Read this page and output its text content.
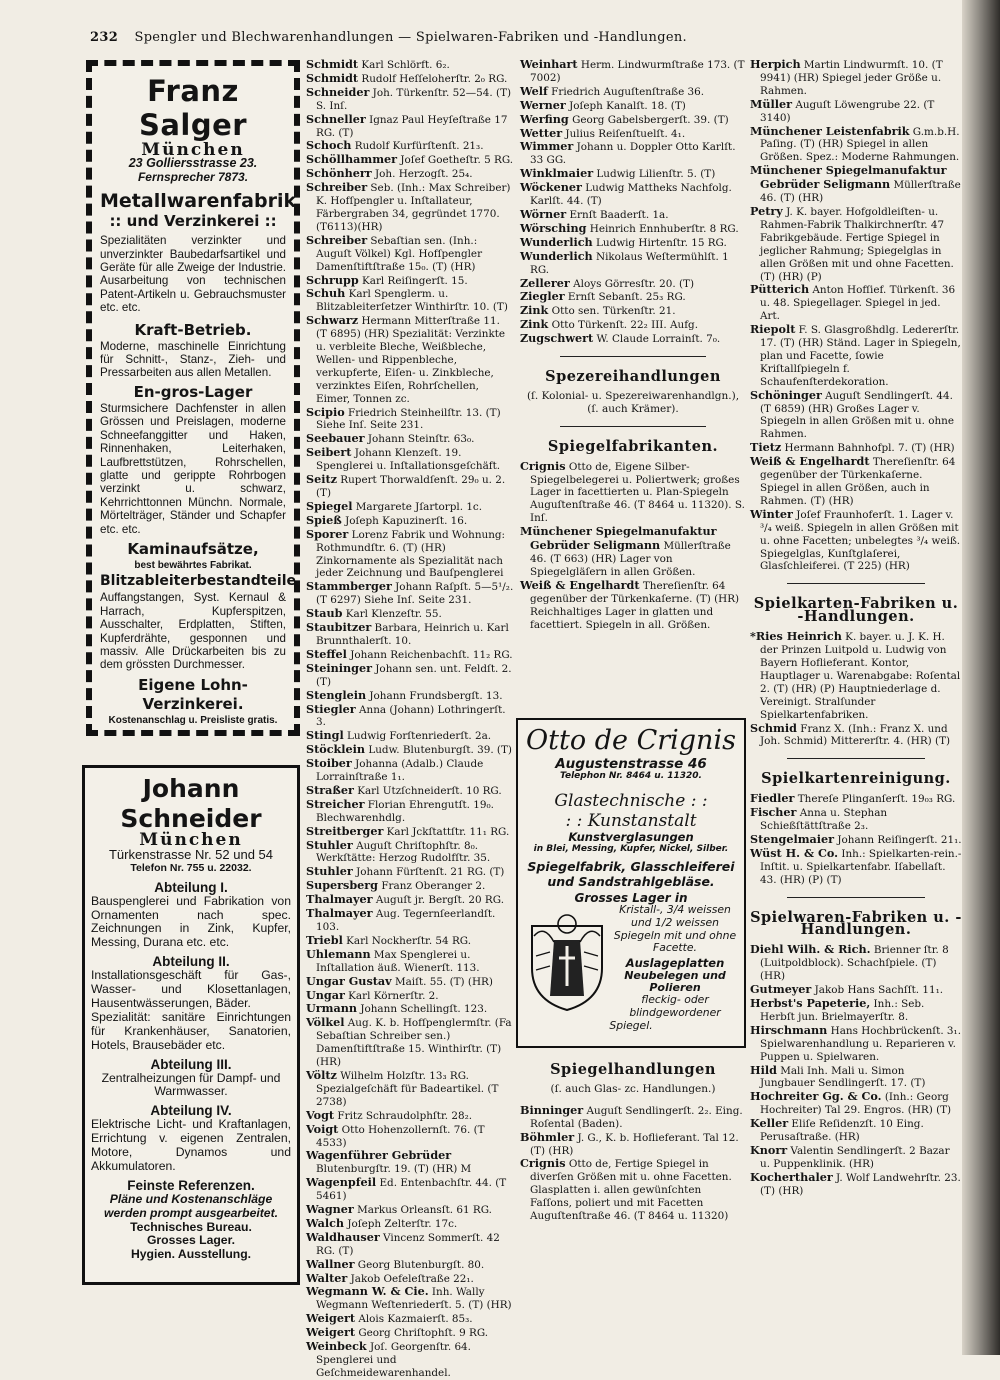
232 Spengler und Blechwarenhandlungen — Spielwaren-Fabriken und -Handlungen.
Franz Salger
München
23 Golliersstrasse 23.
Fernsprecher 7873.
Metallwarenfabrik
:: und Verzinkerei ::
Spezialitäten verzinkter und unverzinkter Baubedarfsartikel und Geräte für alle Zweige der Industrie. Ausarbeitung von technischen Patent-Artikeln u. Gebrauchsmuster etc. etc.
Kraft-Betrieb.
Moderne, maschinelle Einrichtung für Schnitt-, Stanz-, Zieh- und Pressarbeiten aus allen Metallen.
En-gros-Lager
Sturmsichere Dachfenster in allen Grössen und Preislagen, moderne Schneefanggitter und Haken, Rinnenhaken, Leiterhaken, Laufbrettstützen, Rohrschellen, glatte und gerippte Rohrbogen verzinkt u. schwarz, Kehrrichttonnen Münchn. Normale, Mörtelträger, Ständer und Schapfer etc. etc.
Kaminaufsätze,
best bewährtes Fabrikat.
Blitzableiterbestandteile.
Auffangstangen, Syst. Kernaul & Harrach, Kupferspitzen, Ausschalter, Erdplatten, Stiften, Kupferdrähte, gesponnen und massiv. Alle Drückarbeiten bis zu dem grössten Durchmesser.
Eigene Lohn-Verzinkerei.
Kostenanschlag u. Preisliste gratis.
Johann Schneider
München
Türkenstrasse Nr. 52 und 54
Telefon Nr. 755 u. 22032.
Abteilung I.
Bauspenglerei und Fabrikation von Ornamenten nach spec. Zeichnungen in Zink, Kupfer, Messing, Durana etc. etc.
Abteilung II.
Installationsgeschäft für Gas-, Wasser- und Klosettanlagen, Hausentwässerungen, Bäder.
Spezialität: sanitäre Einrichtungen für Krankenhäuser, Sanatorien, Hotels, Brausebäder etc.
Abteilung III.
Zentralheizungen für Dampf- und Warmwasser.
Abteilung IV.
Elektrische Licht- und Kraftanlagen, Errichtung v. eigenen Zentralen, Motore, Dynamos und Akkumulatoren.
Feinste Referenzen.
Pläne und Kostenanschläge werden prompt ausgearbeitet.
Technisches Bureau.
Grosses Lager.
Hygien. Ausstellung.

Schmidt Karl Schlörft. 6₂.

Schmidt Rudolf Heſſeloherſtr. 2₀ RG.

Schneider Joh. Türkenſtr. 52—54. (T) S. Inſ.

Schneller Ignaz Paul Heyſeſtraße 17 RG. (T)

Schoch Rudolf Kurfürſtenſt. 21₃.

Schöllhammer Joſef Goetheſtr. 5 RG.

Schönherr Joh. Herzogſt. 25₄.

Schreiber Seb. (Inh.: Max Schreiber) K. Hofſpengler u. Inſtallateur, Färbergraben 34, gegründet 1770. (T6113)(HR)

Schreiber Sebaſtian sen. (Inh.: Auguſt Völkel) Kgl. Hofſpengler Damenſtiftſtraße 15₀. (T) (HR)

Schrupp Karl Reiſingerſt. 15.

Schuh Karl Spenglerm. u. Blitzableiterſetzer Winthirſtr. 10. (T)

Schwarz Hermann Mitterſtraße 11. (T 6895) (HR) Spezialität: Verzinkte u. verbleite Bleche, Weißbleche, Wellen- und Rippenbleche, verkupferte, Eiſen- u. Zinkbleche, verzinktes Eiſen, Rohrſchellen, Eimer, Tonnen zc.

Scipio Friedrich Steinheilſtr. 13. (T) Siehe Inſ. Seite 231.

Seebauer Johann Steinſtr. 63₀.

Seibert Johann Klenzeſt. 19. Spenglerei u. Inſtallationsgeſchäft.

Seitz Rupert Thorwaldſenſt. 29₀ u. 2. (T)

Spiegel Margarete Jſartorpl. 1c.

Spieß Joſeph Kapuzinerſt. 16.

Sporer Lorenz Fabrik und Wohnung: Rothmundſtr. 6. (T) (HR) Zinkornamente als Spezialität nach jeder Zeichnung und Bauſpenglerei

Stammberger Johann Raſpſt. 5—5¹/₂. (T 6297) Siehe Inſ. Seite 231.

Staub Karl Klenzeſtr. 55.

Staubitzer Barbara, Heinrich u. Karl Brunnthalerſt. 10.

Steffel Johann Reichenbachſt. 11₂ RG.

Steininger Johann sen. unt. Feldſt. 2. (T)

Stenglein Johann Frundsbergſt. 13.

Stiegler Anna (Johann) Lothringerſt. 3.

Stingl Ludwig Forſtenriederſt. 2a.

Stöcklein Ludw. Blutenburgſt. 39. (T)

Stoiber Johanna (Adalb.) Claude Lorrainſtraße 1₁.

Straßer Karl Utzſchneiderſt. 10 RG.

Streicher Florian Ehrengutſt. 19₀. Blechwarenhdlg.

Streitberger Karl Jckſtattſtr. 11₁ RG.

Stuhler Auguſt Chriſtophſtr. 8₀. Werkſtätte: Herzog Rudolfſtr. 35.

Stuhler Johann Fürſtenſt. 21 RG. (T)

Supersberg Franz Oberanger 2.

Thalmayer Auguſt jr. Bergſt. 20 RG.

Thalmayer Aug. Tegernſeerlandſt. 103.

Triebl Karl Nockherſtr. 54 RG.

Uhlemann Max Spenglerei u. Inſtallation äuß. Wienerſt. 113.

Ungar Gustav Maiſt. 55. (T) (HR)

Ungar Karl Körnerſtr. 2.

Urmann Johann Schellingſt. 123.

Völkel Aug. K. b. Hofſpenglermſtr. (Fa Sebaſtian Schreiber sen.) Damenſtiftſtraße 15. Winthirſtr. (T) (HR)

Völtz Wilhelm Holzſtr. 13₃ RG. Spezialgeſchäft für Badeartikel. (T 2738)

Vogt Fritz Schraudolphſtr. 28₂.

Voigt Otto Hohenzollernſt. 76. (T 4533)

Wagenführer Gebrüder Blutenburgſtr. 19. (T) (HR) M

Wagenpfeil Ed. Entenbachſtr. 44. (T 5461)

Wagner Markus Orleansſt. 61 RG.

Walch Joſeph Zelterſtr. 17c.

Waldhauser Vincenz Sommerſt. 42 RG. (T)

Wallner Georg Blutenburgſt. 80.

Walter Jakob Oefeleſtraße 22₁.

Wegmann W. & Cie. Inh. Wally Wegmann Weſtenriederſt. 5. (T) (HR)

Weigert Alois Kazmaierſt. 85₃.

Weigert Georg Chriſtophſt. 9 RG.

Weinbeck Joſ. Georgenſtr. 64. Spenglerei und Geſchmeidewarenhandel.

Weinhart Herm. Lindwurmſtraße 173. (T 7002)

Welf Friedrich Auguſtenſtraße 36.

Werner Joſeph Kanalſt. 18. (T)

Werfing Georg Gabelsbergerſt. 39. (T)

Wetter Julius Reiſenſtuelſt. 4₁.

Wimmer Johann u. Doppler Otto Karlſt. 33 GG.

Winklmaier Ludwig Lilienſtr. 5. (T)

Wöckener Ludwig Mattheks Nachfolg. Karlſt. 44. (T)

Wörner Ernſt Baaderſt. 1a.

Wörsching Heinrich Ennhuberſtr. 8 RG.

Wunderlich Ludwig Hirtenſtr. 15 RG.

Wunderlich Nikolaus Weſtermühlſt. 1 RG.

Zellerer Aloys Görresſtr. 20. (T)

Ziegler Ernſt Sebanſt. 25₃ RG.

Zink Otto sen. Türkenſtr. 21.

Zink Otto Türkenſt. 22₂ III. Aufg.

Zugschwert W. Claude Lorrainſt. 7₀.

Spezereihandlungen
(ſ. Kolonial- u. Spezereiwarenhandlgn.), (ſ. auch Krämer).
Spiegelfabrikanten.

Crignis Otto de, Eigene Silber-Spiegelbelegerei u. Poliertwerk; großes Lager in facettierten u. Plan-Spiegeln Auguſtenſtraße 46. (T 8464 u. 11320). S. Inſ.

Münchener Spiegelmanufaktur Gebrüder Seligmann Müllerſtraße 46. (T 663) (HR) Lager von Spiegelgläſern in allen Größen.

Weiß & Engelhardt Thereſienſtr. 64 gegenüber der Türkenkaſerne. (T) (HR) Reichhaltiges Lager in glatten und facettiert. Spiegeln in all. Größen.

Otto de Crignis
Augustenstrasse 46
Telephon Nr. 8464 u. 11320.
Glastechnische : :
: : Kunstanstalt
Kunstverglasungen
in Blei, Messing, Kupfer, Nickel, Silber.
Spiegelfabrik, Glasschleiferei und Sandstrahlgebläse.
Grosses Lager in
Kristall-, 3/4 weissen und 1/2 weissen Spiegeln mit und ohne Facette.
Auslageplatten
Neubelegen und Polieren
fleckig- oder blindgewordener Spiegel.
Spiegelhandlungen
(ſ. auch Glas- zc. Handlungen.)

Binninger Auguſt Sendlingerſt. 2₂. Eing. Roſental (Baden).

Böhmler J. G., K. b. Hoflieferant. Tal 12. (T) (HR)

Crignis Otto de, Fertige Spiegel in diverſen Größen mit u. ohne Facetten. Glasplatten i. allen gewünſchten Faſſons, poliert und mit Facetten Auguſtenſtraße 46. (T 8464 u. 11320)

Herpich Martin Lindwurmſt. 10. (T 9941) (HR) Spiegel jeder Größe u. Rahmen.

Müller Auguſt Löwengrube 22. (T 3140)

Münchener Leistenfabrik G.m.b.H. Paſing. (T) (HR) Spiegel in allen Größen. Spez.: Moderne Rahmungen.

Münchener Spiegelmanufaktur Gebrüder Seligmann Müllerſtraße 46. (T) (HR)

Petry J. K. bayer. Hofgoldleiſten- u. Rahmen-Fabrik Thalkirchnerſtr. 47 Fabrikgebäude. Fertige Spiegel in jeglicher Rahmung; Spiegelglas in allen Größen mit und ohne Facetten. (T) (HR) (P)

Pütterich Anton Hofſief. Türkenſt. 36 u. 48. Spiegellager. Spiegel in jed. Art.

Riepolt F. S. Glasgroßhdlg. Ledererſtr. 17. (T) (HR) Ständ. Lager in Spiegeln, plan und Facette, ſowie Kriſtallſpiegeln f. Schaufenſterdekoration.

Schöninger Auguſt Sendlingerſt. 44. (T 6859) (HR) Großes Lager v. Spiegeln in allen Größen mit u. ohne Rahmen.

Tietz Hermann Bahnhofpl. 7. (T) (HR)

Weiß & Engelhardt Thereſienſtr. 64 gegenüber der Türkenkaſerne. Spiegel in allen Größen, auch in Rahmen. (T) (HR)

Winter Joſef Fraunhoferſt. 1. Lager v. ³/₄ weiß. Spiegeln in allen Größen mit u. ohne Facetten; unbelegtes ³/₄ weiß. Spiegelglas, Kunſtglaſerei, Glasſchleiferei. (T 225) (HR)

Spielkarten-Fabriken u. -Handlungen.

*Ries Heinrich K. bayer. u. J. K. H. der Prinzen Luitpold u. Ludwig von Bayern Hoflieferant. Kontor, Hauptlager u. Warenabgabe: Roſental 2. (T) (HR) (P) Hauptniederlage d. Vereinigt. Stralſunder Spielkartenfabriken.

Schmid Franz X. (Inh.: Franz X. und Joh. Schmid) Mittererſtr. 4. (HR) (T)

Spielkartenreinigung.

Fiedler Thereſe Plinganſerſt. 19₀₃ RG.

Fischer Anna u. Stephan Schießſtättſtraße 2₃.

Stengelmaier Johann Reiſingerſt. 21₁.

Wüst H. & Co. Inh.: Spielkarten-rein.-Inſtit. u. Spielkartenfabr. Iſabellaſt. 43. (HR) (P) (T)

Spielwaren-Fabriken u. -Handlungen.

Diehl Wilh. & Rich. Brienner ſtr. 8 (Luitpoldblock). Schachſpiele. (T) (HR)

Gutmeyer Jakob Hans Sachſſt. 11₁.

Herbst's Papeterie, Inh.: Seb. Herbſt jun. Brielmayerſtr. 8.

Hirschmann Hans Hochbrückenſt. 3₁. Spielwarenhandlung u. Reparieren v. Puppen u. Spielwaren.

Hild Mali Inh. Mali u. Simon Jungbauer Sendlingerſt. 17. (T)

Hochreiter Gg. & Co. (Inh.: Georg Hochreiter) Tal 29. Engros. (HR) (T)

Keller Eliſe Reſidenzſt. 10 Eing. Perusaſtraße. (HR)

Knorr Valentin Sendlingerſt. 2 Bazar u. Puppenklinik. (HR)

Kocherthaler J. Wolf Landwehrſtr. 23. (T) (HR)
